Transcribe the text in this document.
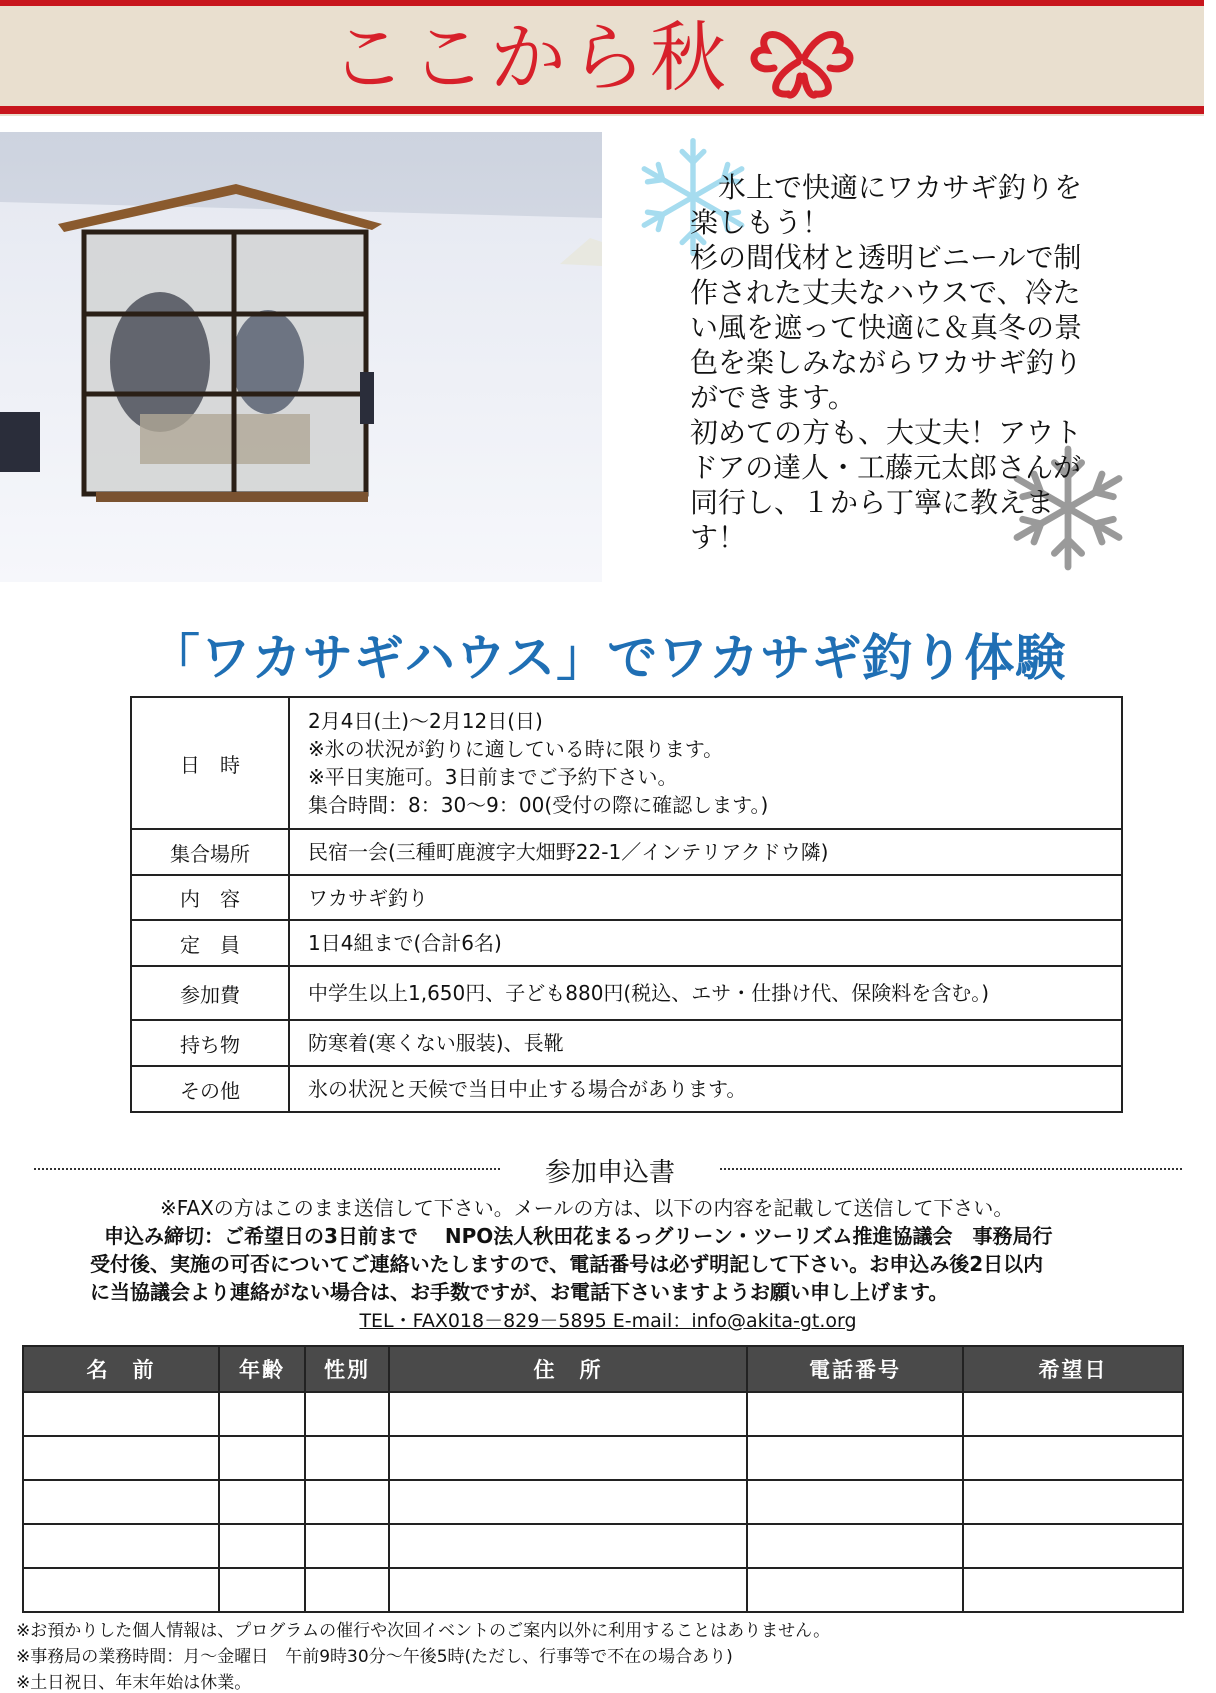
ここから秋

　氷上で快適にワカサギ釣りを楽しもう！

杉の間伐材と透明ビニールで制作された丈夫なハウスで、冷たい風を遮って快適に＆真冬の景色を楽しみながらワカサギ釣りができます。

初めての方も、大丈夫！アウトドアの達人・工藤元太郎さんが同行し、１から丁寧に教えます！

「ワカサギハウス」でワカサギ釣り体験
日　時	2月4日(土)～2月12日(日)
※氷の状況が釣りに適している時に限ります。
※平日実施可。3日前までご予約下さい。
集合時間：8：30～9：00(受付の際に確認します。)

集合場所	民宿一会(三種町鹿渡字大畑野22-1／インテリアクドウ隣)
内　容	ワカサギ釣り
定　員	1日4組まで(合計6名)
参加費	中学生以上1,650円、子ども880円(税込、エサ・仕掛け代、保険料を含む。)
持ち物	防寒着(寒くない服装)、長靴
その他	氷の状況と天候で当日中止する場合があります。
参加申込書
※FAXの方はこのまま送信して下さい。メールの方は、以下の内容を記載して送信して下さい。
申込み締切：ご希望日の3日前まで　 NPO法人秋田花まるっグリーン・ツーリズム推進協議会　事務局行
受付後、実施の可否についてご連絡いたしますので、電話番号は必ず明記して下さい。お申込み後2日以内
に当協議会より連絡がない場合は、お手数ですが、お電話下さいますようお願い申し上げます。
TEL・FAX018－829－5895 E-mail：info@akita-gt.org
名　前	年齢	性別	住　所	電話番号	希望日

※お預かりした個人情報は、プログラムの催行や次回イベントのご案内以外に利用することはありません。
※事務局の業務時間：月～金曜日　午前9時30分～午後5時(ただし、行事等で不在の場合あり)
※土日祝日、年末年始は休業。
